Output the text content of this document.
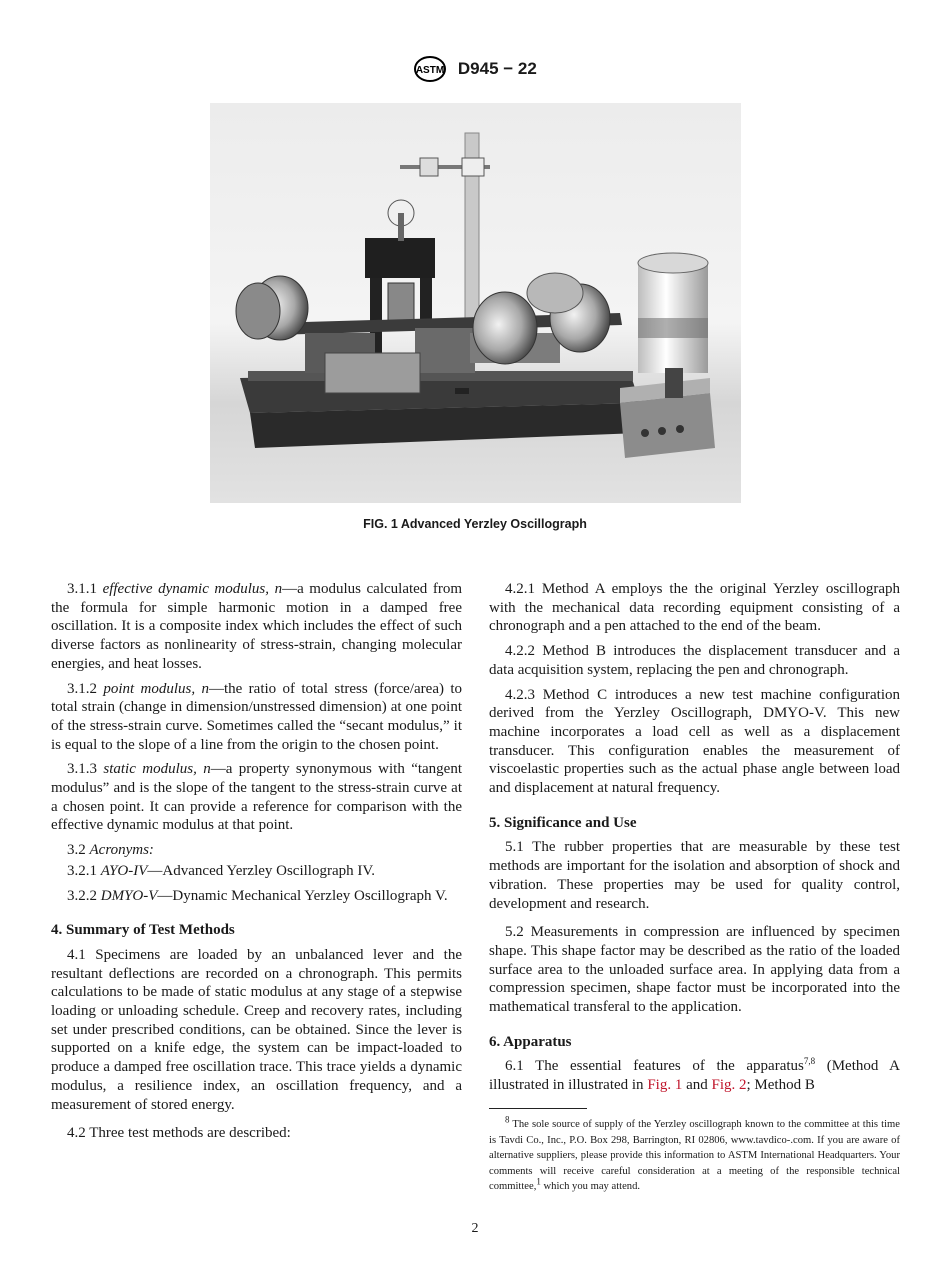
ASTM D945 − 22
FIG. 1 Advanced Yerzley Oscillograph

3.1.1 effective dynamic modulus, n—a modulus calculated from the formula for simple harmonic motion in a damped free oscillation. It is a composite index which includes the effect of such diverse factors as nonlinearity of stress-strain, changing molecular energies, and heat losses.

3.1.2 point modulus, n—the ratio of total stress (force/area) to total strain (change in dimension/unstressed dimension) at one point of the stress-strain curve. Sometimes called the “secant modulus,” it is equal to the slope of a line from the origin to the chosen point.

3.1.3 static modulus, n—a property synonymous with “tangent modulus” and is the slope of the tangent to the stress-strain curve at a chosen point. It can provide a reference for comparison with the effective dynamic modulus at that point.

3.2 Acronyms:

3.2.1 AYO-IV—Advanced Yerzley Oscillograph IV.

3.2.2 DMYO-V—Dynamic Mechanical Yerzley Oscillograph V.

4. Summary of Test Methods

4.1 Specimens are loaded by an unbalanced lever and the resultant deflections are recorded on a chronograph. This permits calculations to be made of static modulus at any stage of a stepwise loading or unloading schedule. Creep and recovery rates, including set under prescribed conditions, can be obtained. Since the lever is supported on a knife edge, the system can be impact-loaded to produce a damped free oscillation trace. This trace yields a dynamic modulus, a resilience index, an oscillation frequency, and a measurement of stored energy.

4.2 Three test methods are described:

4.2.1 Method A employs the the original Yerzley oscillograph with the mechanical data recording equipment consisting of a chronograph and a pen attached to the end of the beam.

4.2.2 Method B introduces the displacement transducer and a data acquisition system, replacing the pen and chronograph.

4.2.3 Method C introduces a new test machine configuration derived from the Yerzley Oscillograph, DMYO-V. This new machine incorporates a load cell as well as a displacement transducer. This configuration enables the measurement of viscoelastic properties such as the actual phase angle between load and displacement at natural frequency.

5. Significance and Use

5.1 The rubber properties that are measurable by these test methods are important for the isolation and absorption of shock and vibration. These properties may be used for quality control, development and research.

5.2 Measurements in compression are influenced by specimen shape. This shape factor may be described as the ratio of the loaded surface area to the unloaded surface area. In applying data from a compression specimen, shape factor must be incorporated into the mathematical transferal to the application.

6. Apparatus

6.1 The essential features of the apparatus$^{7,8}$ (Method A illustrated in illustrated in Fig. 1 and Fig. 2; Method B

$^8$ The sole source of supply of the Yerzley oscillograph known to the committee at this time is Tavdi Co., Inc., P.O. Box 298, Barrington, RI 02806, www.tavdico-.com. If you are aware of alternative suppliers, please provide this information to ASTM International Headquarters. Your comments will receive careful consideration at a meeting of the responsible technical committee,$^1$ which you may attend.

2
